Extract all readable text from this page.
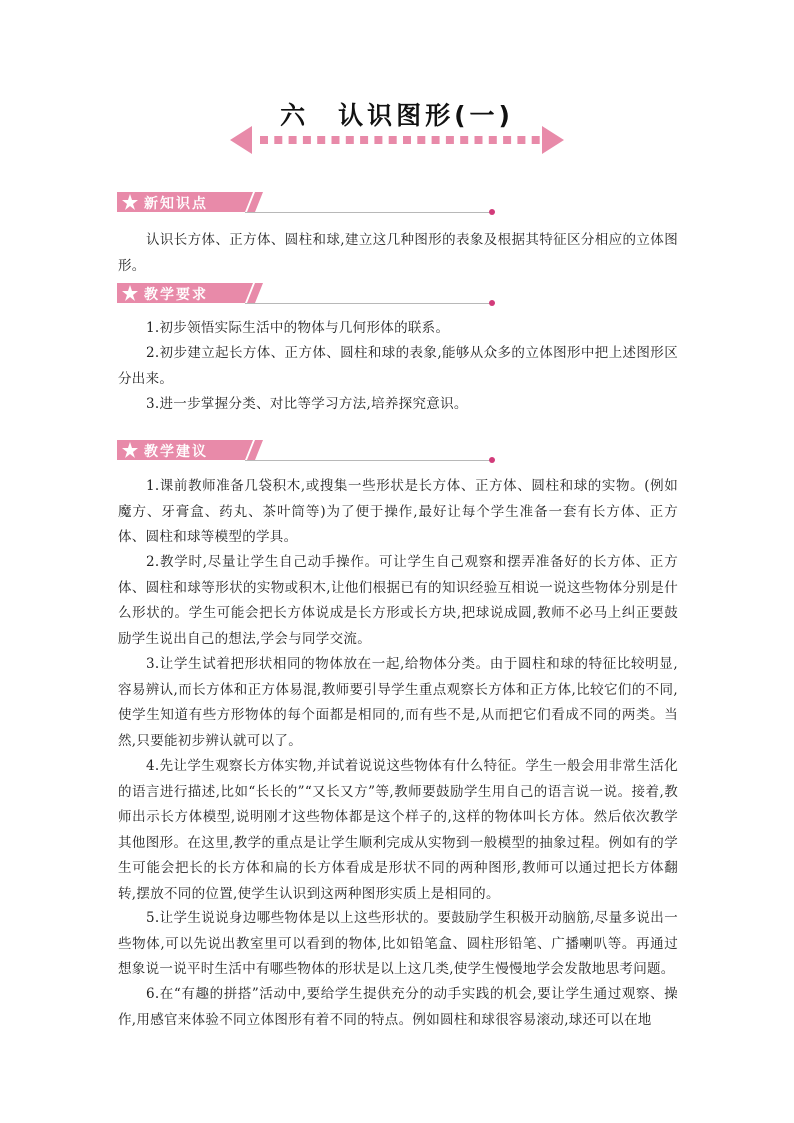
六　认识图形(一)
新知识点

认识长方体、正方体、圆柱和球,建立这几种图形的表象及根据其特征区分相应的立体图形。

教学要求

1.初步领悟实际生活中的物体与几何形体的联系。

2.初步建立起长方体、正方体、圆柱和球的表象,能够从众多的立体图形中把上述图形区分出来。

3.进一步掌握分类、对比等学习方法,培养探究意识。

教学建议

1.课前教师准备几袋积木,或搜集一些形状是长方体、正方体、圆柱和球的实物。(例如魔方、牙膏盒、药丸、茶叶筒等)为了便于操作,最好让每个学生准备一套有长方体、正方体、圆柱和球等模型的学具。

2.教学时,尽量让学生自己动手操作。可让学生自己观察和摆弄准备好的长方体、正方体、圆柱和球等形状的实物或积木,让他们根据已有的知识经验互相说一说这些物体分别是什么形状的。学生可能会把长方体说成是长方形或长方块,把球说成圆,教师不必马上纠正要鼓励学生说出自己的想法,学会与同学交流。

3.让学生试着把形状相同的物体放在一起,给物体分类。由于圆柱和球的特征比较明显,容易辨认,而长方体和正方体易混,教师要引导学生重点观察长方体和正方体,比较它们的不同,使学生知道有些方形物体的每个面都是相同的,而有些不是,从而把它们看成不同的两类。当然,只要能初步辨认就可以了。

4.先让学生观察长方体实物,并试着说说这些物体有什么特征。学生一般会用非常生活化的语言进行描述,比如“长长的”“又长又方”等,教师要鼓励学生用自己的语言说一说。接着,教师出示长方体模型,说明刚才这些物体都是这个样子的,这样的物体叫长方体。然后依次教学其他图形。在这里,教学的重点是让学生顺利完成从实物到一般模型的抽象过程。例如有的学生可能会把长的长方体和扁的长方体看成是形状不同的两种图形,教师可以通过把长方体翻转,摆放不同的位置,使学生认识到这两种图形实质上是相同的。

5.让学生说说身边哪些物体是以上这些形状的。要鼓励学生积极开动脑筋,尽量多说出一些物体,可以先说出教室里可以看到的物体,比如铅笔盒、圆柱形铅笔、广播喇叭等。再通过想象说一说平时生活中有哪些物体的形状是以上这几类,使学生慢慢地学会发散地思考问题。

6.在“有趣的拼搭”活动中,要给学生提供充分的动手实践的机会,要让学生通过观察、操作,用感官来体验不同立体图形有着不同的特点。例如圆柱和球很容易滚动,球还可以在地
